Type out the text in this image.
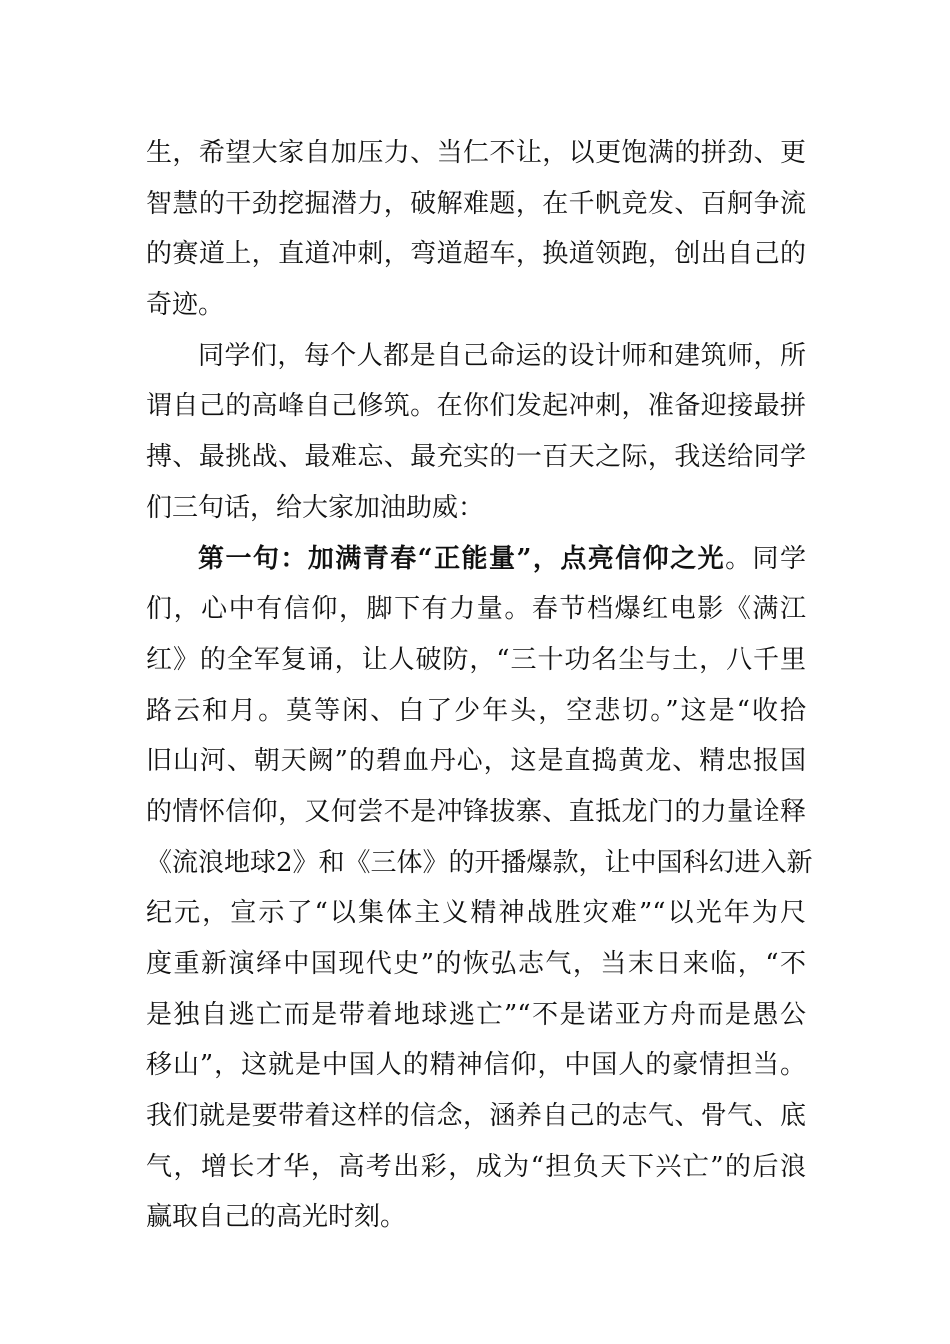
生，希望大家自加压力、当仁不让，以更饱满的拼劲、更
智慧的干劲挖掘潜力，破解难题，在千帆竞发、百舸争流
的赛道上，直道冲刺，弯道超车，换道领跑，创出自己的
奇迹。
同学们，每个人都是自己命运的设计师和建筑师，所
谓自己的高峰自己修筑。在你们发起冲刺，准备迎接最拼
搏、最挑战、最难忘、最充实的一百天之际，我送给同学
们三句话，给大家加油助威：
第一句：加满青春“正能量”，点亮信仰之光。同学
们，心中有信仰，脚下有力量。春节档爆红电影《满江
红》的全军复诵，让人破防，“三十功名尘与土，八千里
路云和月。莫等闲、白了少年头，空悲切。”这是“收拾
旧山河、朝天阙”的碧血丹心，这是直捣黄龙、精忠报国
的情怀信仰，又何尝不是冲锋拔寨、直抵龙门的力量诠释
《流浪地球2》和《三体》的开播爆款，让中国科幻进入新
纪元，宣示了“以集体主义精神战胜灾难”“以光年为尺
度重新演绎中国现代史”的恢弘志气，当末日来临，“不
是独自逃亡而是带着地球逃亡”“不是诺亚方舟而是愚公
移山”，这就是中国人的精神信仰，中国人的豪情担当。
我们就是要带着这样的信念，涵养自己的志气、骨气、底
气，增长才华，高考出彩，成为“担负天下兴亡”的后浪
赢取自己的高光时刻。
